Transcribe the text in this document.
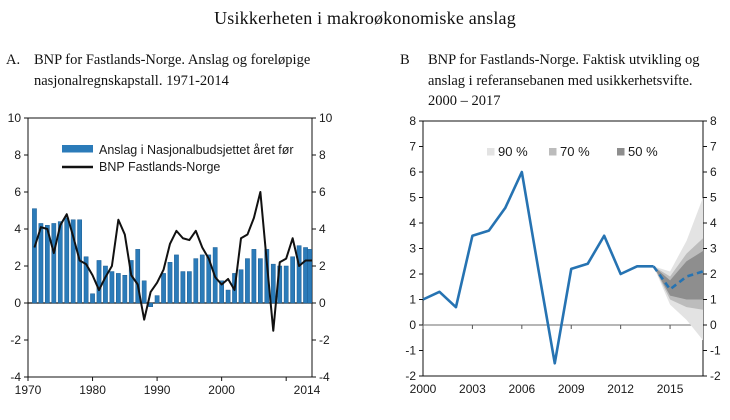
Usikkerheten i makroøkonomiske anslag
A. BNP for Fastlands-Norge. Anslag og foreløpige nasjonalregnskapstall. 1971-2014
B	BNP for Fastlands-Norge. Faktisk utvikling og anslag i referansebanen med usikkerhetsvifte. 2000 – 2017
-4	-4
-2	-2
0	0
2	2
4	4
6	6
8	8
10	10
1970	1980	1990	2000	2014
Anslag i Nasjonalbudsjettet året før
BNP Fastlands-Norge
-2	-2
-1	-1
0	0
1	1
2	2
3	3
4	4
5	5
6	6
7	7
8	8
2000 2003 2006 2009 2012 2015
90 % 70 %	50 %
